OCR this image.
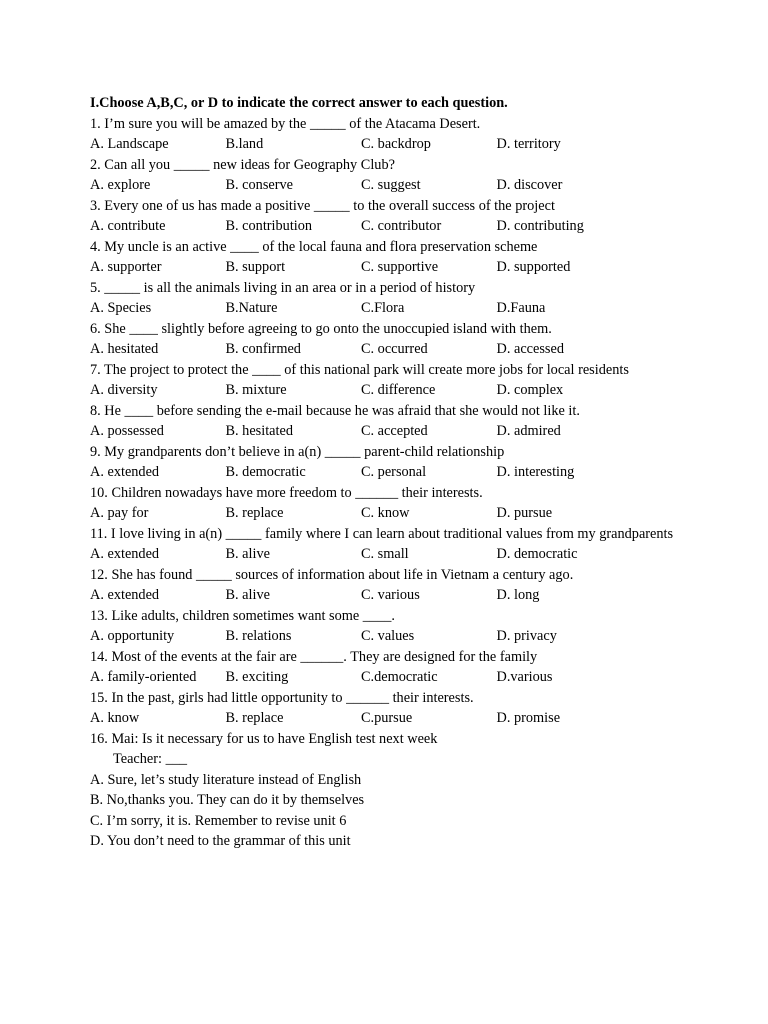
I.Choose A,B,C, or D to indicate the correct answer to each question.
1. I’m sure you will be amazed by the _____ of the Atacama Desert.
A. Landscape	B.land	C. backdrop	D. territory
2. Can all you _____ new ideas for Geography Club?
A. explore	B. conserve	C. suggest	D. discover
3. Every one of us has made a positive _____ to the overall success of the project
A. contribute	B. contribution	C. contributor	D. contributing
4. My uncle is an active ____ of the local fauna and flora preservation scheme
A. supporter	B. support	C. supportive	D. supported
5. _____ is all the animals living in an area or in a period of history
A. Species	B.Nature	C.Flora	D.Fauna
6. She ____ slightly before agreeing to go onto the unoccupied island with them.
A. hesitated	B. confirmed	C. occurred	D. accessed
7. The project to protect the ____ of this national park will create more jobs for local residents
A. diversity	B. mixture	C. difference	D. complex
8. He ____ before sending the e-mail because he was afraid that she would not like it.
A. possessed	B. hesitated	C. accepted	D. admired
9. My grandparents don’t believe in a(n) _____ parent-child relationship
A. extended	B. democratic	C. personal	D. interesting
10. Children nowadays have more freedom to ______ their interests.
A. pay for	B. replace	C. know	D. pursue
11. I love living in a(n) _____ family where I can learn about traditional values from my grandparents
A. extended	B. alive	C. small	D. democratic
12. She has found _____ sources of information about life in Vietnam a century ago.
A. extended	B. alive	C. various	D. long
13. Like adults, children sometimes want some ____.
A. opportunity	B. relations	C. values	D. privacy
14. Most of the events at the fair are ______. They are designed for the family
A. family-oriented	B. exciting	C.democratic	D.various
15. In the past, girls had little opportunity to ______ their interests.
A. know	B. replace	C.pursue	D. promise
16. Mai: Is it necessary for us to have English test next week
Teacher: ___
A. Sure, let’s study literature instead of English
B. No,thanks you. They can do it by themselves
C. I’m sorry, it is. Remember to revise unit 6
D. You don’t need to the grammar of this unit
